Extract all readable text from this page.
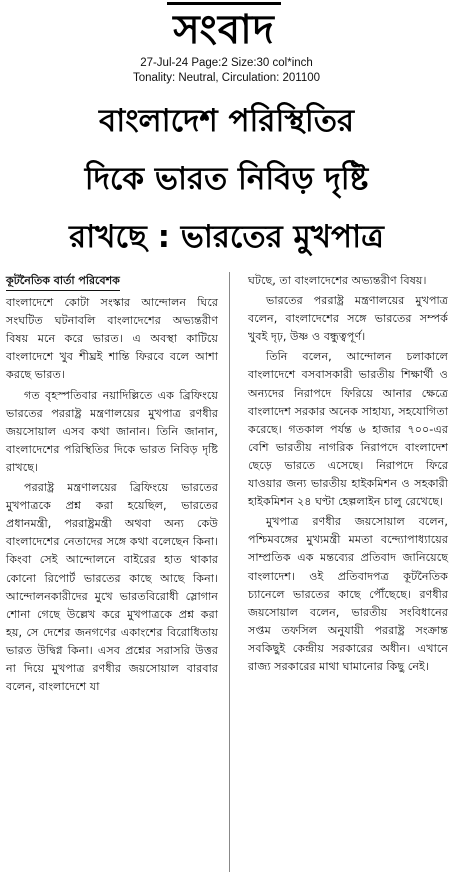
সংবাদ
27-Jul-24 Page:2 Size:30 col*inch
Tonality: Neutral, Circulation: 201100
বাংলাদেশ পরিস্থিতির
দিকে ভারত নিবিড় দৃষ্টি
রাখছে : ভারতের মুখপাত্র
কূটনৈতিক বার্তা পরিবেশক

বাংলাদেশে কোটা সংস্কার আন্দোলন ঘিরে সংঘটিত ঘটনাবলি বাংলাদেশের অভ্যন্তরীণ বিষয় মনে করে ভারত। এ অবস্থা কাটিয়ে বাংলাদেশে খুব শীঘ্রই শান্তি ফিরবে বলে আশা করছে ভারত।

গত বৃহস্পতিবার নয়াদিল্লিতে এক ব্রিফিংয়ে ভারতের পররাষ্ট্র মন্ত্রণালয়ের মুখপাত্র রণধীর জয়সোয়াল এসব কথা জানান। তিনি জানান, বাংলাদেশের পরিস্থিতির দিকে ভারত নিবিড় দৃষ্টি রাখছে।

পররাষ্ট্র মন্ত্রণালয়ের ব্রিফিংয়ে ভারতের মুখপাত্রকে প্রশ্ন করা হয়েছিল, ভারতের প্রধানমন্ত্রী, পররাষ্ট্রমন্ত্রী অথবা অন্য কেউ বাংলাদেশের নেতাদের সঙ্গে কথা বলেছেন কিনা। কিংবা সেই আন্দোলনে বাইরের হাত থাকার কোনো রিপোর্ট ভারতের কাছে আছে কিনা। আন্দোলনকারীদের মুখে ভারতবিরোধী স্লোগান শোনা গেছে উল্লেখ করে মুখপাত্রকে প্রশ্ন করা হয়, সে দেশের জনগণের একাংশের বিরোধিতায় ভারত উদ্বিগ্ন কিনা। এসব প্রশ্নের সরাসরি উত্তর না দিয়ে মুখপাত্র রণধীর জয়সোয়াল বারবার বলেন, বাংলাদেশে যা

ঘটছে, তা বাংলাদেশের অভ্যন্তরীণ বিষয়।

ভারতের পররাষ্ট্র মন্ত্রণালয়ের মুখপাত্র বলেন, বাংলাদেশের সঙ্গে ভারতের সম্পর্ক খুবই দৃঢ়, উষ্ণ ও বন্ধুত্বপূর্ণ।

তিনি বলেন, আন্দোলন চলাকালে বাংলাদেশে বসবাসকারী ভারতীয় শিক্ষার্থী ও অন্যদের নিরাপদে ফিরিয়ে আনার ক্ষেত্রে বাংলাদেশ সরকার অনেক সাহায্য, সহযোগিতা করেছে। গতকাল পর্যন্ত ৬ হাজার ৭০০-এর বেশি ভারতীয় নাগরিক নিরাপদে বাংলাদেশ ছেড়ে ভারতে এসেছে। নিরাপদে ফিরে যাওয়ার জন্য ভারতীয় হাইকমিশন ও সহকারী হাইকমিশন ২৪ ঘণ্টা হেল্পলাইন চালু রেখেছে।

মুখপাত্র রণধীর জয়সোয়াল বলেন, পশ্চিমবঙ্গের মুখ্যমন্ত্রী মমতা বন্দ্যোপাধ্যায়ের সাম্প্রতিক এক মন্তব্যের প্রতিবাদ জানিয়েছে বাংলাদেশ। ওই প্রতিবাদপত্র কূটনৈতিক চ্যানেলে ভারতের কাছে পৌঁছেছে। রণধীর জয়সোয়াল বলেন, ভারতীয় সংবিধানের সপ্তম তফসিল অনুযায়ী পররাষ্ট্র সংক্রান্ত সবকিছুই কেন্দ্রীয় সরকারের অধীন। এখানে রাজ্য সরকারের মাথা ঘামানোর কিছু নেই।
